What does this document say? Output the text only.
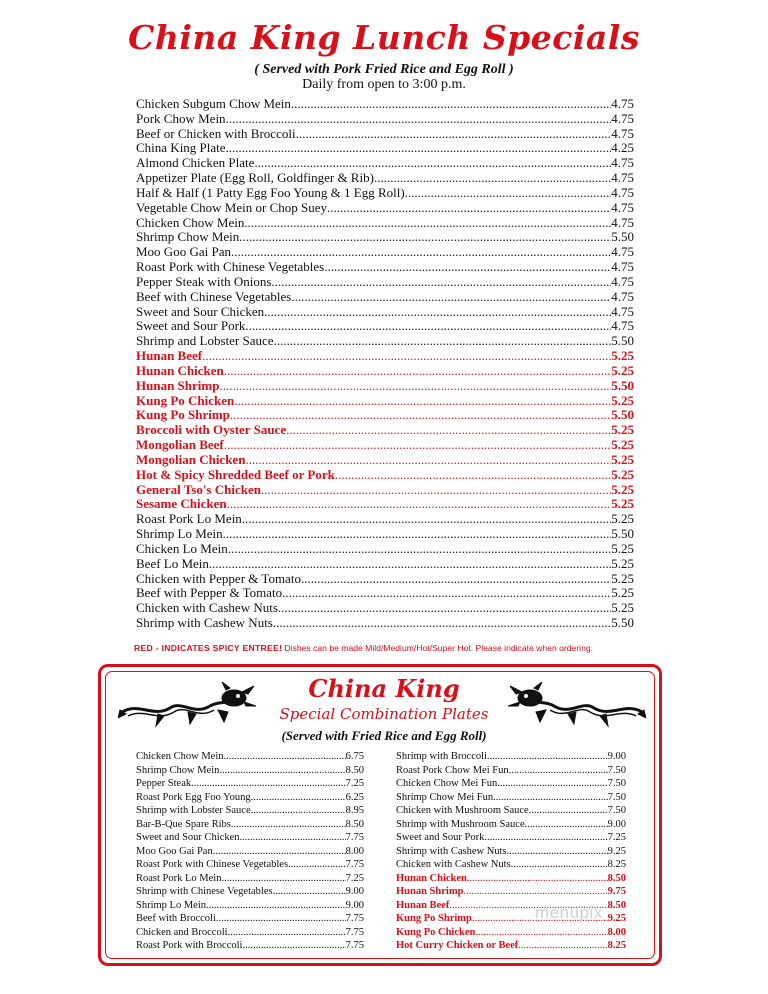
China King Lunch Specials
( Served with Pork Fried Rice and Egg Roll )
Daily from open to 3:00 p.m.
Chicken Subgum Chow Mein .....	4.75
Pork Chow Mein .....	4.75
Beef or Chicken with Broccoli .....	4.75
China King Plate .....	4.25
Almond Chicken Plate .....	4.75
Appetizer Plate (Egg Roll, Goldfinger & Rib) .....	4.75
Half & Half (1 Patty Egg Foo Young & 1 Egg Roll) .....	4.75
Vegetable Chow Mein or Chop Suey .....	4.75
Chicken Chow Mein .....	4.75
Shrimp Chow Mein .....	5.50
Moo Goo Gai Pan .....	4.75
Roast Pork with Chinese Vegetables .....	4.75
Pepper Steak with Onions .....	4.75
Beef with Chinese Vegetables .....	4.75
Sweet and Sour Chicken .....	4.75
Sweet and Sour Pork .....	4.75
Shrimp and Lobster Sauce .....	5.50
Hunan Beef .....	5.25
Hunan Chicken .....	5.25
Hunan Shrimp .....	5.50
Kung Po Chicken .....	5.25
Kung Po Shrimp .....	5.50
Broccoli with Oyster Sauce .....	5.25
Mongolian Beef .....	5.25
Mongolian Chicken .....	5.25
Hot & Spicy Shredded Beef or Pork .....	5.25
General Tso's Chicken .....	5.25
Sesame Chicken .....	5.25
Roast Pork Lo Mein .....	5.25
Shrimp Lo Mein .....	5.50
Chicken Lo Mein .....	5.25
Beef Lo Mein .....	5.25
Chicken with Pepper & Tomato .....	5.25
Beef with Pepper & Tomato .....	5.25
Chicken with Cashew Nuts .....	5.25
Shrimp with Cashew Nuts .....	5.50
RED - INDICATES SPICY ENTREE! Dishes can be made Mild/Medium/Hot/Super Hot. Please indicate when ordering.
China King
Special Combination Plates
(Served with Fried Rice and Egg Roll)
Chicken Chow Mein .....	6.75
Shrimp Chow Mein .....	8.50
Pepper Steak .....	7.25
Roast Pork Egg Foo Young .....	6.25
Shrimp with Lobster Sauce .....	8.95
Bar-B-Que Spare Ribs .....	8.50
Sweet and Sour Chicken .....	7.75
Moo Goo Gai Pan .....	8.00
Roast Pork with Chinese Vegetables .....	7.75
Roast Pork Lo Mein .....	7.25
Shrimp with Chinese Vegetables .....	9.00
Shrimp Lo Mein .....	9.00
Beef with Broccoli .....	7.75
Chicken and Broccoli .....	7.75
Roast Pork with Broccoli .....	7.75
Shrimp with Broccoli .....	9.00
Roast Pork Chow Mei Fun .....	7.50
Chicken Chow Mei Fun .....	7.50
Shrimp Chow Mei Fun .....	7.50
Chicken with Mushroom Sauce .....	7.50
Shrimp with Mushroom Sauce .....	9.00
Sweet and Sour Pork .....	7.25
Shrimp with Cashew Nuts .....	9.25
Chicken with Cashew Nuts .....	8.25
Hunan Chicken .....	8.50
Hunan Shrimp .....	9.75
Hunan Beef .....	8.50
Kung Po Shrimp .....	9.25
Kung Po Chicken .....	8.00
Hot Curry Chicken or Beef .....	8.25
menupix
